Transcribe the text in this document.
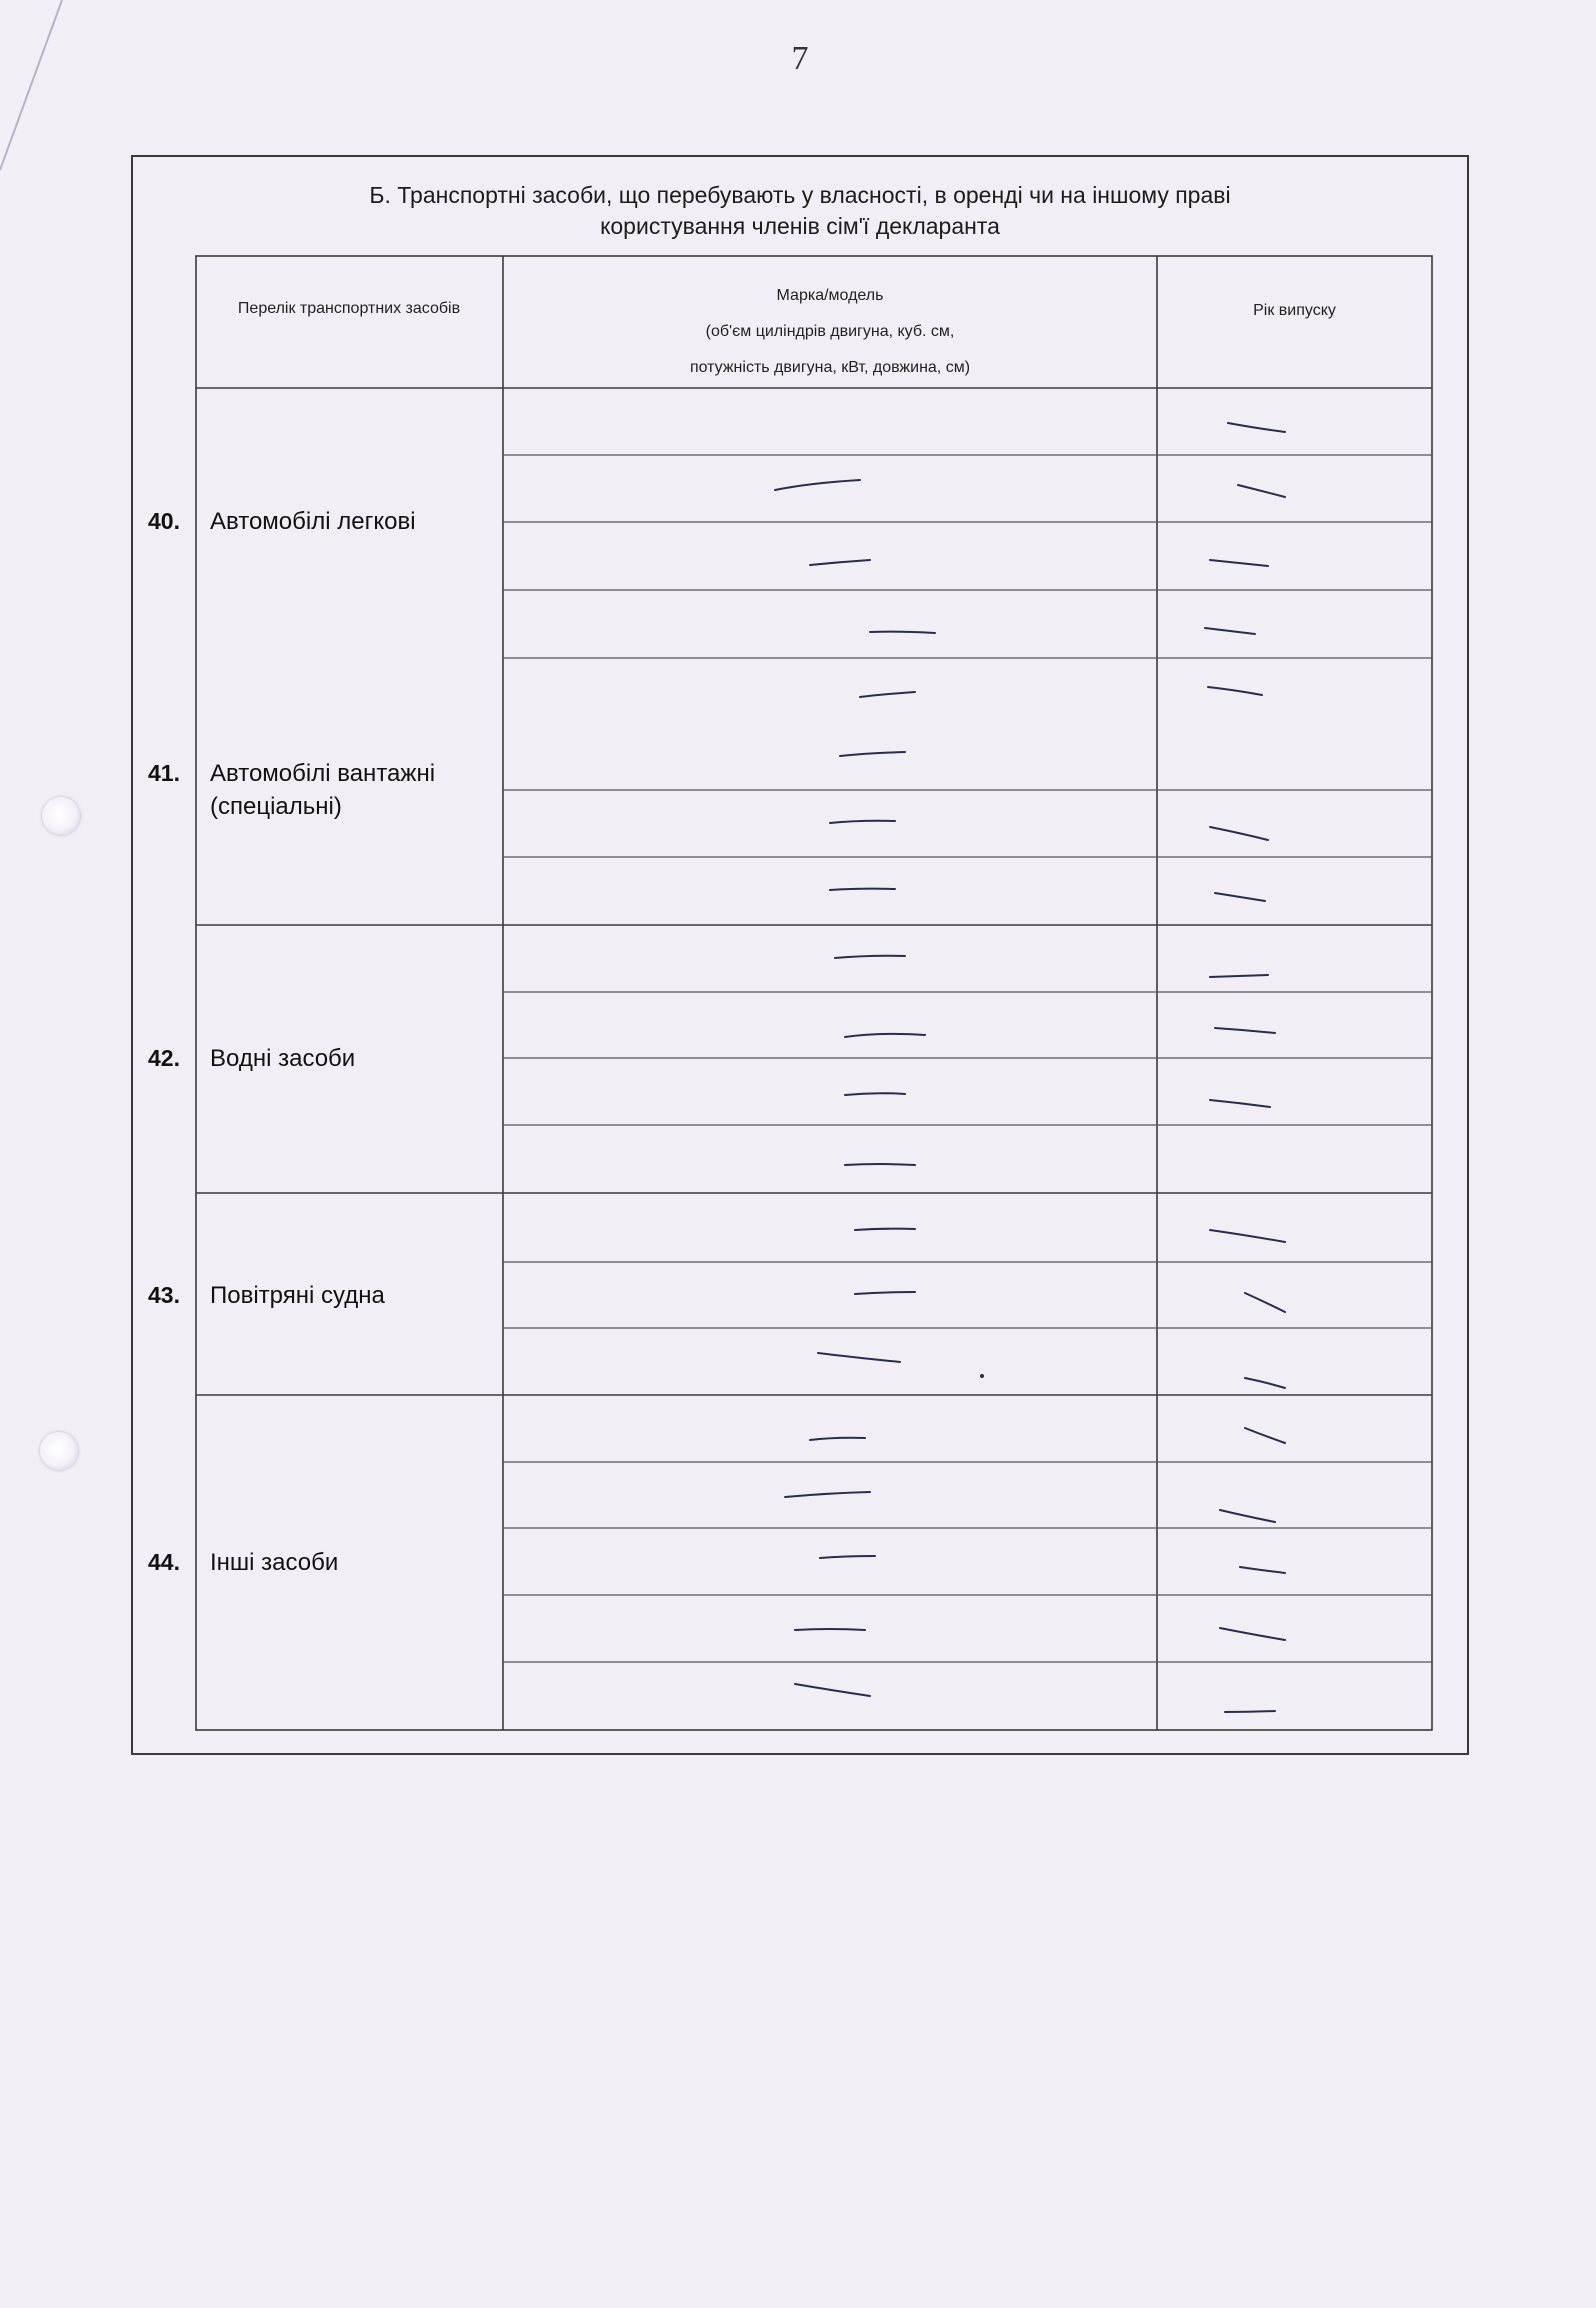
7
Б. Транспортні засоби, що перебувають у власності, в оренді чи на іншому праві
користування членів сім'ї декларанта
Перелік транспортних засобів
Марка/модель
(об'єм циліндрів двигуна, куб. см,
потужність двигуна, кВт, довжина, см)
Рік випуску
40. Автомобілі легкові
41. Автомобілі вантажні (спеціальні)
42. Водні засоби
43. Повітряні судна
44. Інші засоби
